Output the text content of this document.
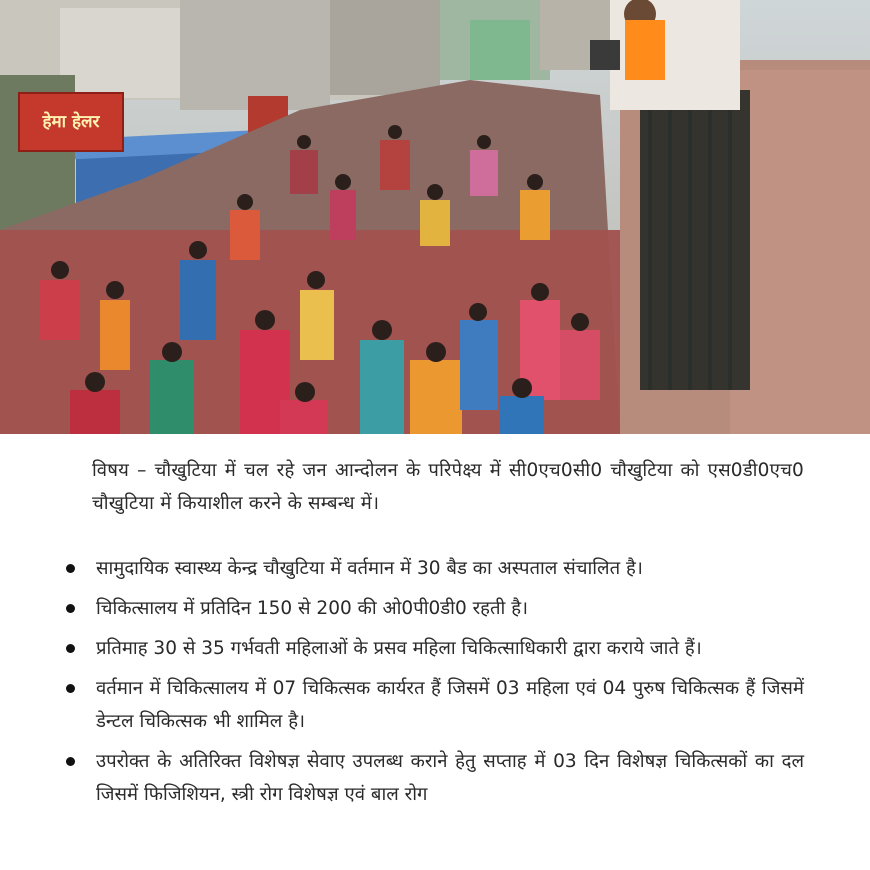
हेमा हेलर
विषय – चौखुटिया में चल रहे जन आन्दोलन के परिपेक्ष्य में सी0एच0सी0 चौखुटिया को एस0डी0एच0 चौखुटिया में कियाशील करने के सम्बन्ध में।
सामुदायिक स्वास्थ्य केन्द्र चौखुटिया में वर्तमान में 30 बैड का अस्पताल संचालित है।
चिकित्सालय में प्रतिदिन 150 से 200 की ओ0पी0डी0 रहती है।
प्रतिमाह 30 से 35 गर्भवती महिलाओं के प्रसव महिला चिकित्साधिकारी द्वारा कराये जाते हैं।
वर्तमान में चिकित्सालय में 07 चिकित्सक कार्यरत हैं जिसमें 03 महिला एवं 04 पुरुष चिकित्सक हैं जिसमें डेन्टल चिकित्सक भी शामिल है।
उपरोक्त के अतिरिक्त विशेषज्ञ सेवाए उपलब्ध कराने हेतु सप्ताह में 03 दिन विशेषज्ञ चिकित्सकों का दल जिसमें फिजिशियन, स्त्री रोग विशेषज्ञ एवं बाल रोग
